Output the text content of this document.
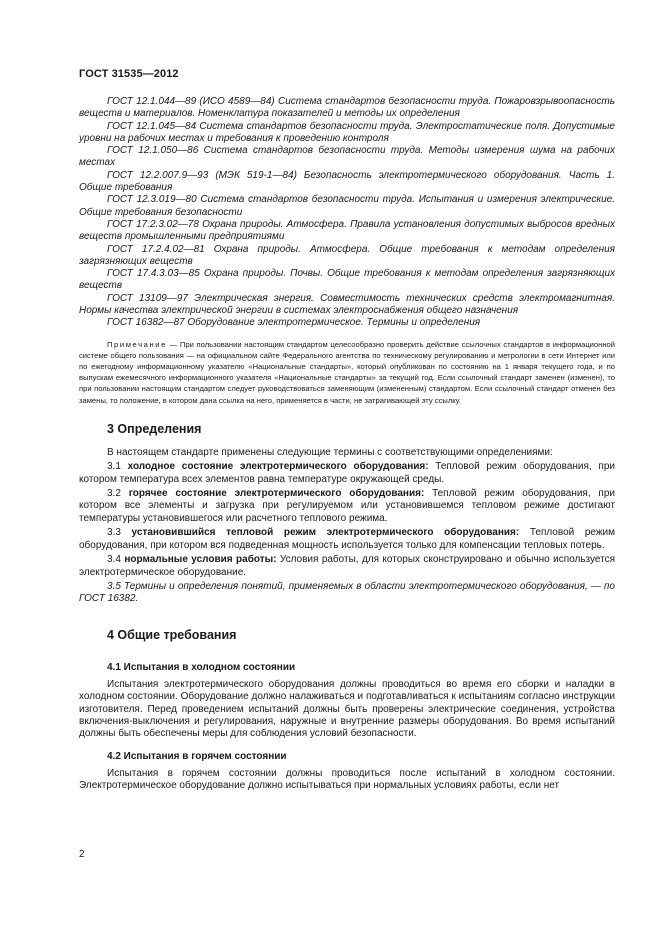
ГОСТ 31535—2012

ГОСТ 12.1.044—89 (ИСО 4589—84) Система стандартов безопасности труда. Пожаровзрывоопасность веществ и материалов. Номенклатура показателей и методы их определения

ГОСТ 12.1.045—84 Система стандартов безопасности труда. Электростатические поля. Допустимые уровни на рабочих местах и требования к проведению контроля

ГОСТ 12.1.050—86 Система стандартов безопасности труда. Методы измерения шума на рабочих местах

ГОСТ 12.2.007.9—93 (МЭК 519-1—84) Безопасность электротермического оборудования. Часть 1. Общие требования

ГОСТ 12.3.019—80 Система стандартов безопасности труда. Испытания и измерения электрические. Общие требования безопасности

ГОСТ 17.2.3.02—78 Охрана природы. Атмосфера. Правила установления допустимых выбросов вредных веществ промышленными предприятиями

ГОСТ 17.2.4.02—81 Охрана природы. Атмосфера. Общие требования к методам определения загрязняющих веществ

ГОСТ 17.4.3.03—85 Охрана природы. Почвы. Общие требования к методам определения загрязняющих веществ

ГОСТ 13109—97 Электрическая энергия. Совместимость технических средств электромагнитная. Нормы качества электрической энергии в системах электроснабжения общего назначения

ГОСТ 16382—87 Оборудование электротермическое. Термины и определения

Примечание — При пользовании настоящим стандартом целесообразно проверить действие ссылочных стандартов в информационной системе общего пользования — на официальном сайте Федерального агентства по техническому регулированию и метрологии в сети Интернет или по ежегодному информационному указателю «Национальные стандарты», который опубликован по состоянию на 1 января текущего года, и по выпускам ежемесячного информационного указателя «Национальные стандарты» за текущий год. Если ссылочный стандарт заменен (изменен), то при пользовании настоящим стандартом следует руководствоваться заменяющим (измененным) стандартом. Если ссылочный стандарт отменен без замены, то положение, в котором дана ссылка на него, применяется в части, не затрагивающей эту ссылку.

3 Определения

В настоящем стандарте применены следующие термины с соответствующими определениями:

3.1 холодное состояние электротермического оборудования: Тепловой режим оборудования, при котором температура всех элементов равна температуре окружающей среды.

3.2 горячее состояние электротермического оборудования: Тепловой режим оборудования, при котором все элементы и загрузка при регулируемом или установившемся тепловом режиме достигают температуры установившегося или расчетного теплового режима.

3.3 установившийся тепловой режим электротермического оборудования: Тепловой режим оборудования, при котором вся подведенная мощность используется только для компенсации тепловых потерь.

3.4 нормальные условия работы: Условия работы, для которых сконструировано и обычно используется электротермическое оборудование.

3.5 Термины и определения понятий, применяемых в области электротермического оборудования, — по ГОСТ 16382.

4 Общие требования
4.1 Испытания в холодном состоянии

Испытания электротермического оборудования должны проводиться во время его сборки и наладки в холодном состоянии. Оборудование должно налаживаться и подготавливаться к испытаниям согласно инструкции изготовителя. Перед проведением испытаний должны быть проверены электрические соединения, устройства включения-выключения и регулирования, наружные и внутренние размеры оборудования. Во время испытаний должны быть обеспечены меры для соблюдения условий безопасности.

4.2 Испытания в горячем состоянии

Испытания в горячем состоянии должны проводиться после испытаний в холодном состоянии. Электротермическое оборудование должно испытываться при нормальных условиях работы, если нет

2
